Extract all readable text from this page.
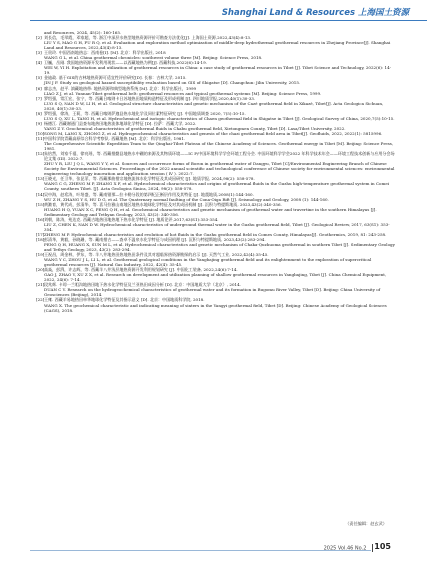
Shanghai Land & Resources 上海国土资源
and Resources, 2024, 45(2): 160-165.
[2] 刘长信，毛翠霞，邓家超，等. 浙江中深层水热型地热资源评价可勘查方法优化[J]. 上海国土资源,2022,43(4):8-13.
LIU Y S, MAO G H, FU R Q, et al. Evaluation and exploration method optimization of middle-deep hydrothermal geothermal resources in Zhejiang Province[J]. Shanghai Land and Resources, 2022,43(4):8-13.
[3] 王贵玲. 中国西南地热志：西南卷[I]. [M]. 北京：科学出版社, 2018
WANG G L, et al. China geothermal chronicles: southwest volume three [M]. Beijing: Science Press, 2018.
[4] 卫巍，岳刚. 我国地热资源开发利用现状——以西藏地热为例[J]. 西藏科技,2022(6):14-19.
WEI W, YI H. Exploitation and utilization of geothermal resources in China: a case study of geothermal resources in Tibet [J]. Tibet Science and Technology, 2022(6): 14-19.
[5] 金迪政. 基于GIS的吉林地热资源可适宜性评价研究[D]. 长春：吉林大学, 2015.
JIN J F. Study on geological hazard susceptibility evaluation based on GIS of Shigatse [D]. Changchun: Jilin University, 2015.
[6] 廖志杰，赵平. 滇藏地热带: 地热资源和典型地热系统 [M]. 北京：科学出版社，1999
LIAO Z J, et al. Yunnan-Tibet geothermal belt: geothermal resources and typical geothermal systems [M]. Beijing: Science Press, 1999.
[7] 罗绍强，常江宏，张宁，等. 西藏日喀则卡日苏地热田地质构造特征及形成机制 [J]. 四川地质学报,2020,40(1):30-33.
LUO S Q, NAN D W, LI H, et al. Geological structure characteristics and genetic mechanism of the Cazé geothermal field in Xikazé, Tibet[J]. Acta Geologica Sichuan, 2020, 40(1):30-33.
[8] 罗绍强，徐涛，王莉，等. 西藏日喀则萨迦县热水地化学及同位素特征研究 [J]. 中国地质调查 2020, 7(5):10-15.
LUO S Q, XU L, TANG H, et al. Hydrochemical and isotopic characteristics of Chaen geothermal field in Shigatse in Tibet [J]. Geological Survey of China, 2020,7(5):10-15.
[9] 杨德江. 西藏谢通门县查布地热田地热流体地球化学特征 [D]. 拉萨：西藏大学, 2022.
YANG Z Y. Geochemical characteristics of geothermal fluids in Chabu geothermal field, Xietongmen County, Tibet [D]. Lasa/Tibet University, 2022.
[10] SONG M, LANG X, ZHONG Z, et al. Hydrogeochemical characteristics and genesis of the chazi geothermal field area in Tibet[J]. Geofluids, 2022, 2022(1): 5815996.
[11] 中国科学院青藏高原综合科学考察队. 西藏地热 [M]. 北京：科学出版社, 1981.
The Comprehensive Scientific Expedition Team to the Qinghai-Tibet Plateau of the Chinese Academy of Sciences. Geothermal energy in Tibet [M]. Beijing: Science Press, 1981.
[12] 朱怡然，刘家千禧，徐亮瑶，等. 西藏措勤县地热水中硼的来源及其物质环境——IC P/中国环境科学学会环境工程分会. 中国环境科学学会2022 年科学技术年会——环境工程技术创新与应用分会场论文集 (III). 2022:7.
ZHU Y R, LIU J Q L, WANG Y Y, et al. Sources and occurrence forms of Boron in geothermal water of Dangyu, Tibet [C]/Environmental Engineering Branch of Chinese Society for Environmental Sciences. Proceedings of the 2022 annual scientific and technological conference of Chinese society for environmental sciences: environmental engineering technology innovation and application session ( Ⅳ ). 2022:7.
[13] 王晓光，任卫华，张昆菲，等. 西藏那曲措宗地热流体水化学特征及其成因研究 [J]. 地质学报, 2024,98(2): 558-578.
WANG C G, ZHENG M P, ZHANG X F, et al. Hydrochemical characteristics and origins of geothermal fluids in the Guzhu high-temperature geothermal system in Comei County, southern Tibet. [J]. Acta Geologica Sinica, 2024, 98(2): 558-578.
[14] 吴中海，赵希涛，叶培盛，等. 藏南错那—拉卡勒分段的第四纪正断层作用及其特征 [J]. 地震地质,2008(1):144-160.
WU Z H, ZHANG Y S, HU D G, et al. The Quaternary normal faulting of the Cona-Oiga Rift [J]. Seismology and Geology, 2008 (1): 144-160.
[15] 黄漱育，黄代成，彭清华，等. 喜马拉雅山南地区地热水地球化学特征及对其成因机制 [J]. 沉积与特提斯地质, 2023,43(2):340-356.
HUANG H Q, YUAN X C, PENG Q H, et al. Geochemical characteristics and genetic mechanism of geothermal water and travertine in the southern Himalayas [J]. Sedimentary Geology and Tethyan Geology, 2023, 43(2): 340-356.
[16] 刘朝，陈涛，苑达克. 西藏古地热田地热地下热水化学特征 [J]. 地质论评,2017,63(S1):353-354.
LIU Z, CHEN K, NAN D W. Hydrochemical characteristics of underground thermal water in the Guzhu geothermal field, Tibet [J]. Geological Review, 2017, 63(S1): 353-354.
[17] ZHENG M P. Hydrochemical characteristics and evolution of hot fluids in the Guzhu geothermal field in Comes County, Himalayas[J]. Geothermics, 2019, 81: 243-258.
[18] 彭清华，黄毅，孙晓珊，等. 藏南措吉——查卓不温泉水化学特征与成因机理 [J]. 沉积与特提斯地质, 2023,43(2):283-294.
PENG Q H, HUANG X, SUN M L, et al. Hydrochemical characteristics and genetic mechanism of Chaka-Quzhuoma geothermal in southern Tibet [J]. Sedimentary Geology and Tethys Geology, 2023, 43(2): 283-294.
[19] 王祝昌，周金林，伊东，等. 羊八井地热田热地热田条件及其对超临界热资源勘探的启示 [J]. 天然气工业, 2022,42(4):35-45.
WANG Y C, ZHOU J L, LI L, et al. Geothermal geological conditions in the Yangbajing geothermal field and its enlightenment to the exploration of supercritical geothermal resources [J]. Natural Gas Industry, 2022, 42(4): 35-45.
[20] 高焱，彭湃，许志辉，等. 西藏羊八井浅层地热资源开发利用规划研究 [J]. 中国化工装备, 2022,24(6):7-14.
GAO J, ZHAO Y, XU Z X, et al. Research on development and utilization planning of shallow geothermal resources in Yangbajing, Tibet [J]. China Chemical Equipment, 2022, 24(6): 7-14.
[21] 段兆辉. 卡琼一兰咀沟地热田地下热水化学特征及兰亚热田成因分析 [D]. 北京：中国地质大学（北京）, 2014.
DUAN C Y. Research on the hydrogeochemical characteristics of geothermal water and its formation in Bugomu River Valley, Tibet [D]. Beijing: China University of Geosciences (Beijing), 2014.
[22] 王雍. 西藏羊易地热田单华地球化学特征及其指示意义 [D]. 北京：中国地质科学院, 2018.
WANG X. The geochemical characteristic and indicating meaning of sinters in the Yangyi geothermal field, Tibet [D]. Beijing: Chinese Academy of Geological Sciences (CAGS), 2018.
（责任编辑：赵玄武）
2025 Vol.46 No.2 105
